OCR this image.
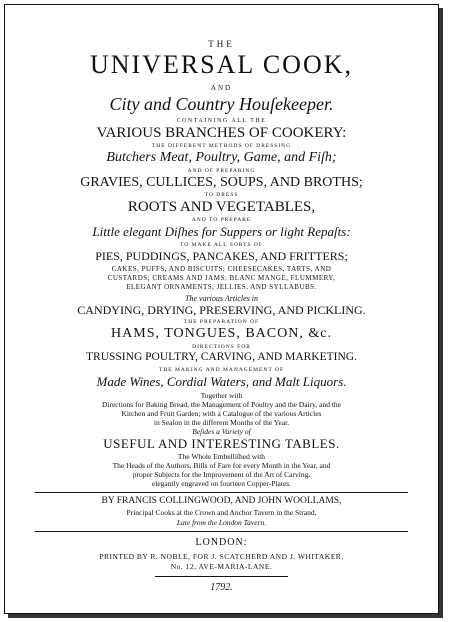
THE
UNIVERSAL COOK,
AND
City and Country Houſekeeper.
CONTAINING ALL THE
VARIOUS BRANCHES OF COOKERY:
THE DIFFERENT METHODS OF DRESSING
Butchers Meat, Poultry, Game, and Fiſh;
AND OF PREPARING
GRAVIES, CULLICES, SOUPS, AND BROTHS;
TO DRESS
ROOTS AND VEGETABLES,
AND TO PREPARE
Little elegant Diſhes for Suppers or light Repaſts:
TO MAKE ALL SORTS OF
PIES, PUDDINGS, PANCAKES, AND FRITTERS;
CAKES, PUFFS, AND BISCUITS; CHEESECAKES, TARTS, AND
CUSTARDS; CREAMS AND JAMS; BLANC MANGE, FLUMMERY,
ELEGANT ORNAMENTS, JELLIES, AND SYLLABUBS.
The various Articles in
CANDYING, DRYING, PRESERVING, AND PICKLING.
THE PREPARATION OF
HAMS, TONGUES, BACON, &c.
DIRECTIONS FOR
TRUSSING POULTRY, CARVING, AND MARKETING.
THE MAKING AND MANAGEMENT OF
Made Wines, Cordial Waters, and Malt Liquors.
Together with
Directions for Baking Bread, the Management of Poultry and the Dairy, and the
Kitchen and Fruit Garden; with a Catalogue of the various Articles
in Seaſon in the different Months of the Year.
Beſides a Variety of
USEFUL AND INTERESTING TABLES.
The Whole Embelliſhed with
The Heads of the Authors, Bills of Fare for every Month in the Year, and
proper Subjects for the Improvement of the Art of Carving,
elegantly engraved on fourteen Copper-Plates.
BY FRANCIS COLLINGWOOD, AND JOHN WOOLLAMS,
Principal Cooks at the Crown and Anchor Tavern in the Strand,
Late from the London Tavern.
LONDON:
PRINTED BY R. NOBLE, FOR J. SCATCHERD AND J. WHITAKER,
No. 12, AVE-MARIA-LANE.
1792.
